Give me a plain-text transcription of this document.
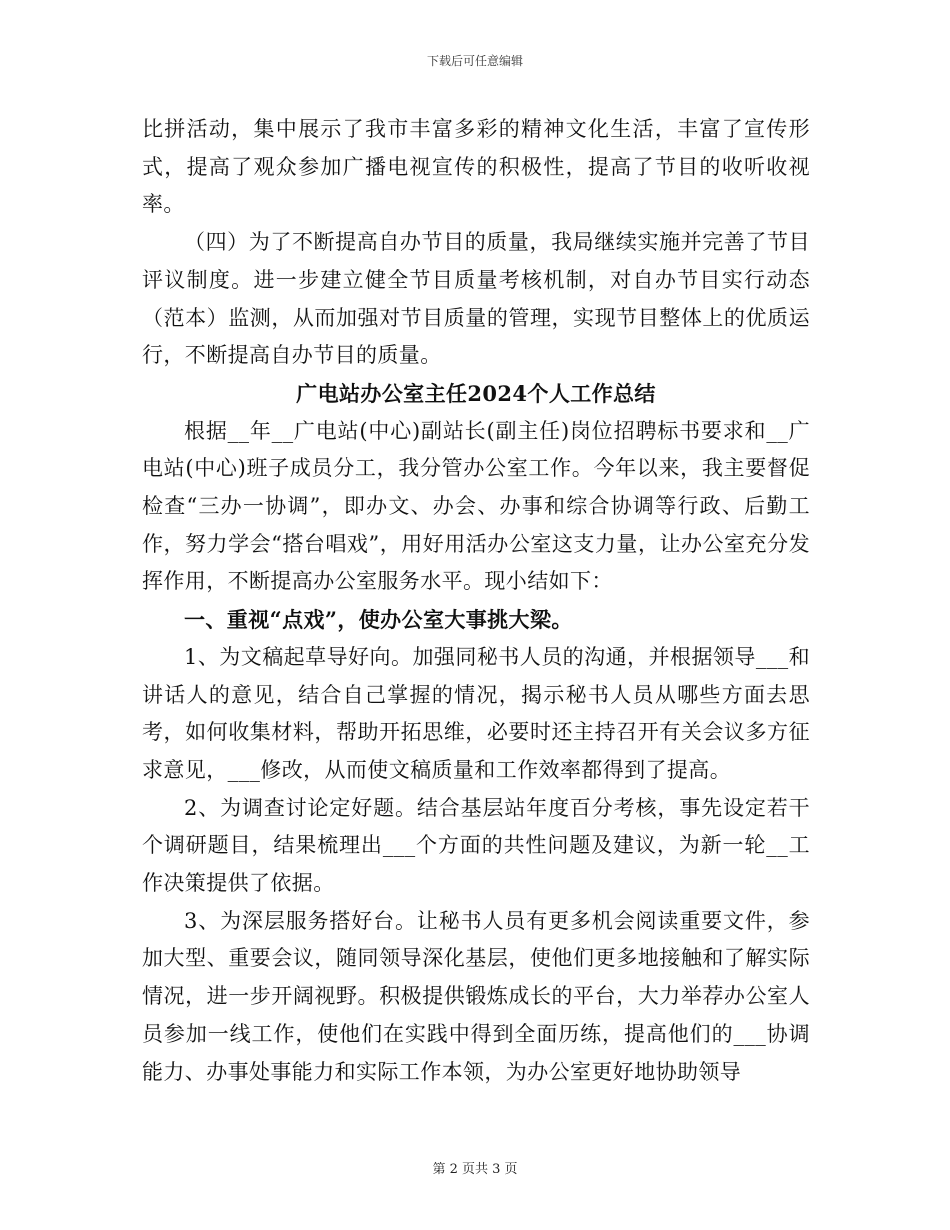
下载后可任意编辑

比拼活动，集中展示了我市丰富多彩的精神文化生活，丰富了宣传形式，提高了观众参加广播电视宣传的积极性，提高了节目的收听收视率。

（四）为了不断提高自办节目的质量，我局继续实施并完善了节目评议制度。进一步建立健全节目质量考核机制，对自办节目实行动态（范本）监测，从而加强对节目质量的管理，实现节目整体上的优质运行，不断提高自办节目的质量。

广电站办公室主任2024个人工作总结

根据__年__广电站(中心)副站长(副主任)岗位招聘标书要求和__广电站(中心)班子成员分工，我分管办公室工作。今年以来，我主要督促检查“三办一协调”，即办文、办会、办事和综合协调等行政、后勤工作，努力学会“搭台唱戏”，用好用活办公室这支力量，让办公室充分发挥作用，不断提高办公室服务水平。现小结如下：

一、重视“点戏”，使办公室大事挑大梁。

1、为文稿起草导好向。加强同秘书人员的沟通，并根据领导___和讲话人的意见，结合自己掌握的情况，揭示秘书人员从哪些方面去思考，如何收集材料，帮助开拓思维，必要时还主持召开有关会议多方征求意见，___修改，从而使文稿质量和工作效率都得到了提高。

2、为调查讨论定好题。结合基层站年度百分考核，事先设定若干个调研题目，结果梳理出___个方面的共性问题及建议，为新一轮__工作决策提供了依据。

3、为深层服务搭好台。让秘书人员有更多机会阅读重要文件，参加大型、重要会议，随同领导深化基层，使他们更多地接触和了解实际情况，进一步开阔视野。积极提供锻炼成长的平台，大力举荐办公室人员参加一线工作，使他们在实践中得到全面历练，提高他们的___协调能力、办事处事能力和实际工作本领，为办公室更好地协助领导

第 2 页共 3 页
